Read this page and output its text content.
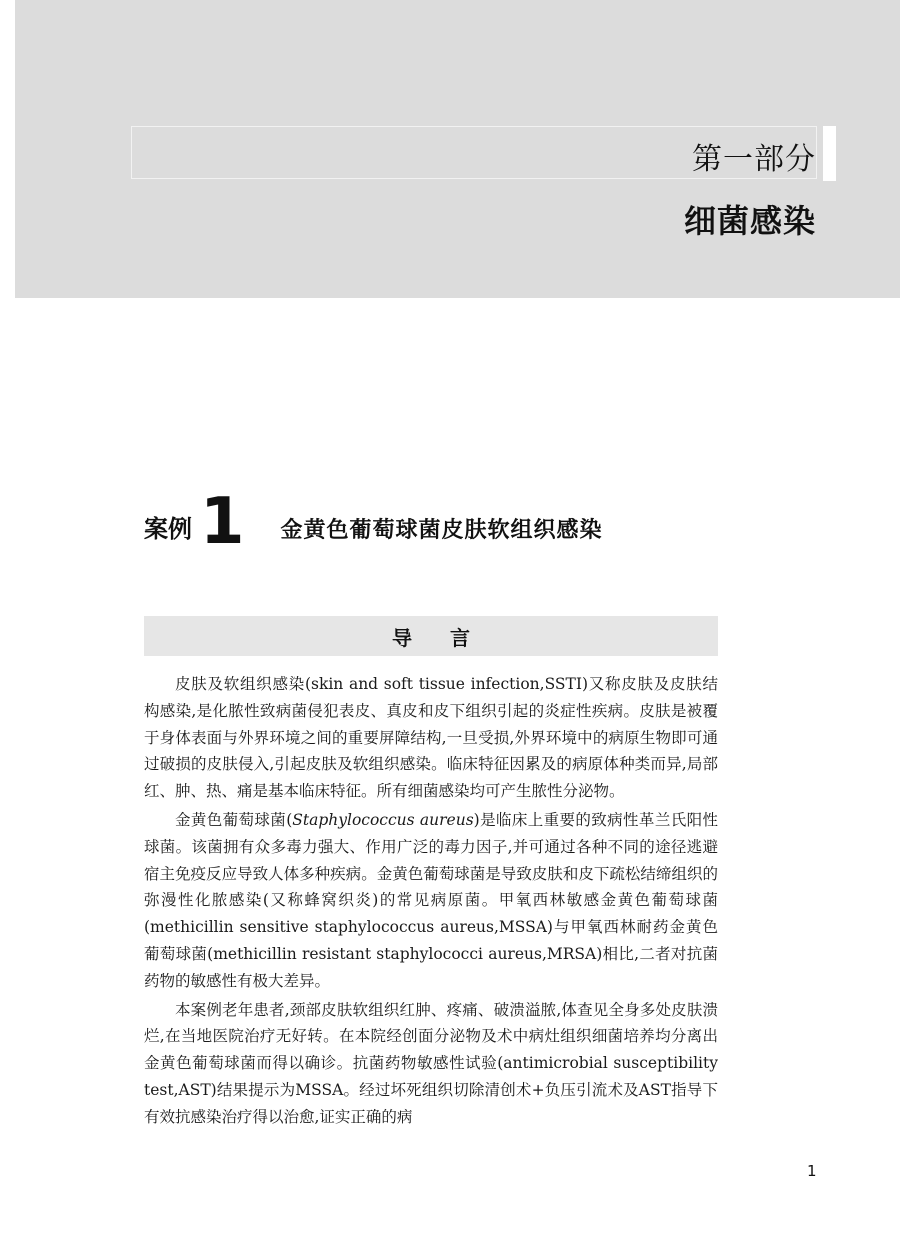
第一部分
细菌感染
案例 1 金黄色葡萄球菌皮肤软组织感染
导言

皮肤及软组织感染(skin and soft tissue infection,SSTI)又称皮肤及皮肤结构感染,是化脓性致病菌侵犯表皮、真皮和皮下组织引起的炎症性疾病。皮肤是被覆于身体表面与外界环境之间的重要屏障结构,一旦受损,外界环境中的病原生物即可通过破损的皮肤侵入,引起皮肤及软组织感染。临床特征因累及的病原体种类而异,局部红、肿、热、痛是基本临床特征。所有细菌感染均可产生脓性分泌物。

金黄色葡萄球菌(Staphylococcus aureus)是临床上重要的致病性革兰氏阳性球菌。该菌拥有众多毒力强大、作用广泛的毒力因子,并可通过各种不同的途径逃避宿主免疫反应导致人体多种疾病。金黄色葡萄球菌是导致皮肤和皮下疏松结缔组织的弥漫性化脓感染(又称蜂窝织炎)的常见病原菌。甲氧西林敏感金黄色葡萄球菌(methicillin sensitive staphylococcus aureus,MSSA)与甲氧西林耐药金黄色葡萄球菌(methicillin resistant staphylococci aureus,MRSA)相比,二者对抗菌药物的敏感性有极大差异。

本案例老年患者,颈部皮肤软组织红肿、疼痛、破溃溢脓,体查见全身多处皮肤溃烂,在当地医院治疗无好转。在本院经创面分泌物及术中病灶组织细菌培养均分离出金黄色葡萄球菌而得以确诊。抗菌药物敏感性试验(antimicrobial susceptibility test,AST)结果提示为MSSA。经过坏死组织切除清创术+负压引流术及AST指导下有效抗感染治疗得以治愈,证实正确的病

1
